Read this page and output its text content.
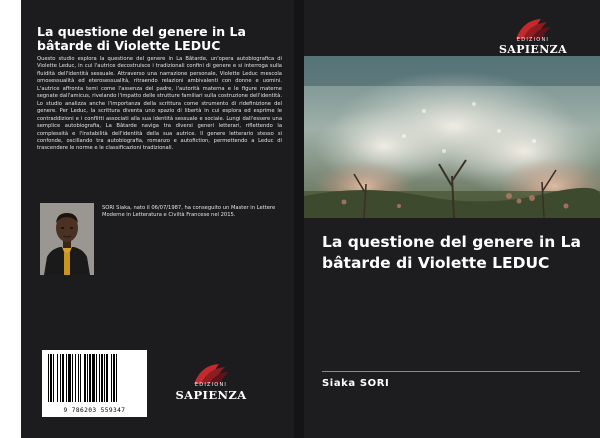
La questione del genere in La bâtarde di Violette LEDUC
Questo studio esplora la questione del genere in La Bâtarde, un'opera autobiografica di Violette Leduc, in cui l'autrice decostruisce i tradizionali confini di genere e si interroga sulla fluidità dell'identità sessuale. Attraverso una narrazione personale, Violette Leduc mescola omosessualità ed eterosessualità, ritraendo relazioni ambivalenti con donne e uomini. L'autrice affronta temi come l'assenza del padre, l'autorità materna e le figure materne segnate dall'amicus, rivelando l'impatto delle strutture familiari sulla costruzione dell'identità. Lo studio analizza anche l'importanza della scrittura come strumento di ridefinizione del genere. Per Leduc, la scrittura diventa uno spazio di libertà in cui esplora ed esprime le contraddizioni e i conflitti associati alla sua identità sessuale e sociale. Lungi dall'essere una semplice autobiografia, La Bâtarde naviga tra diversi generi letterari, riflettendo la complessità e l'instabilità dell'identità della sua autrice. Il genere letterario stesso si confonde, oscillando tra autobiografia, romanzo e autofiction, permettendo a Leduc di trascendere le norme e le classificazioni tradizionali.
SORI Siaka, nato il 06/07/1987, ha conseguito un Master in Lettere Moderne in Letteratura e Civiltà Francese nel 2015.
9 786203 559347
EDIZIONI
SAPIENZA
EDIZIONI
SAPIENZA
La questione del genere in La bâtarde di Violette LEDUC
Siaka SORI
